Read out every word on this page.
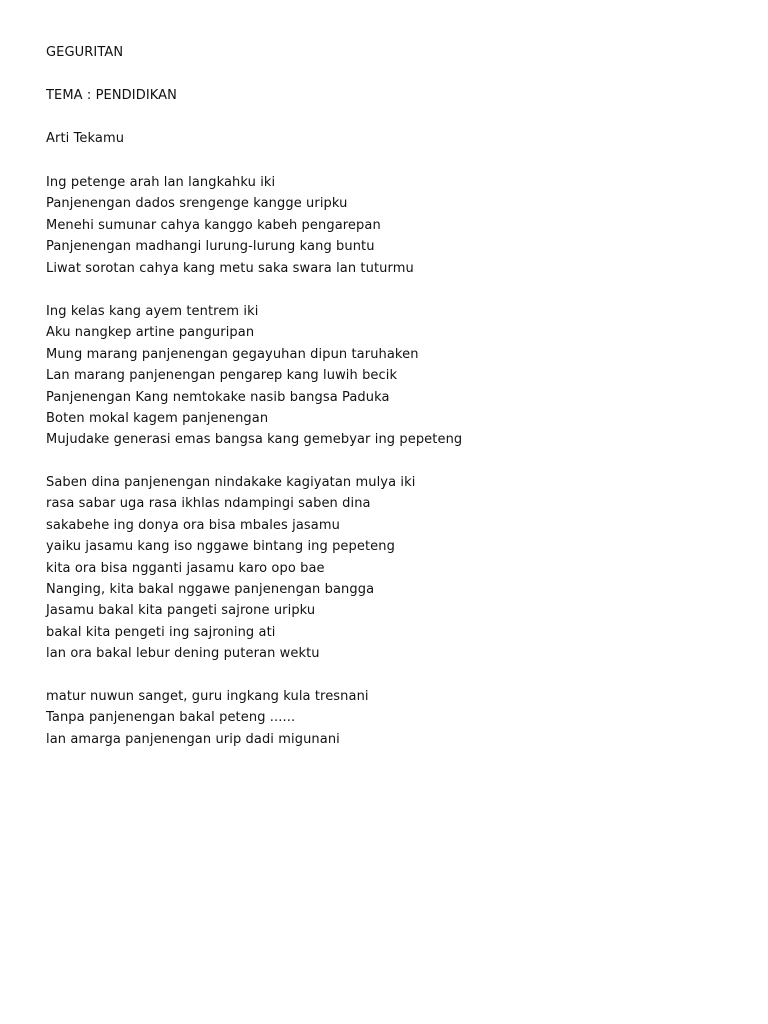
GEGURITAN
TEMA : PENDIDIKAN
Arti Tekamu
Ing petenge arah lan langkahku iki
Panjenengan dados srengenge kangge uripku
Menehi sumunar cahya kanggo kabeh pengarepan
Panjenengan madhangi lurung-lurung kang buntu
Liwat sorotan cahya kang metu saka swara lan tuturmu
Ing kelas kang ayem tentrem iki
Aku nangkep artine panguripan
Mung marang panjenengan gegayuhan dipun taruhaken
Lan marang panjenengan pengarep kang luwih becik
Panjenengan Kang nemtokake nasib bangsa Paduka
Boten mokal kagem panjenengan
Mujudake generasi emas bangsa kang gemebyar ing pepeteng
Saben dina panjenengan nindakake kagiyatan mulya iki
rasa sabar uga rasa ikhlas ndampingi saben dina
sakabehe ing donya ora bisa mbales jasamu
yaiku jasamu kang iso nggawe bintang ing pepeteng
kita ora bisa ngganti jasamu karo opo bae
Nanging, kita bakal nggawe panjenengan bangga
Jasamu bakal kita pangeti sajrone uripku
bakal kita pengeti ing sajroning ati
lan ora bakal lebur dening puteran wektu
matur nuwun sanget, guru ingkang kula tresnani
Tanpa panjenengan bakal peteng ......
lan amarga panjenengan urip dadi migunani
